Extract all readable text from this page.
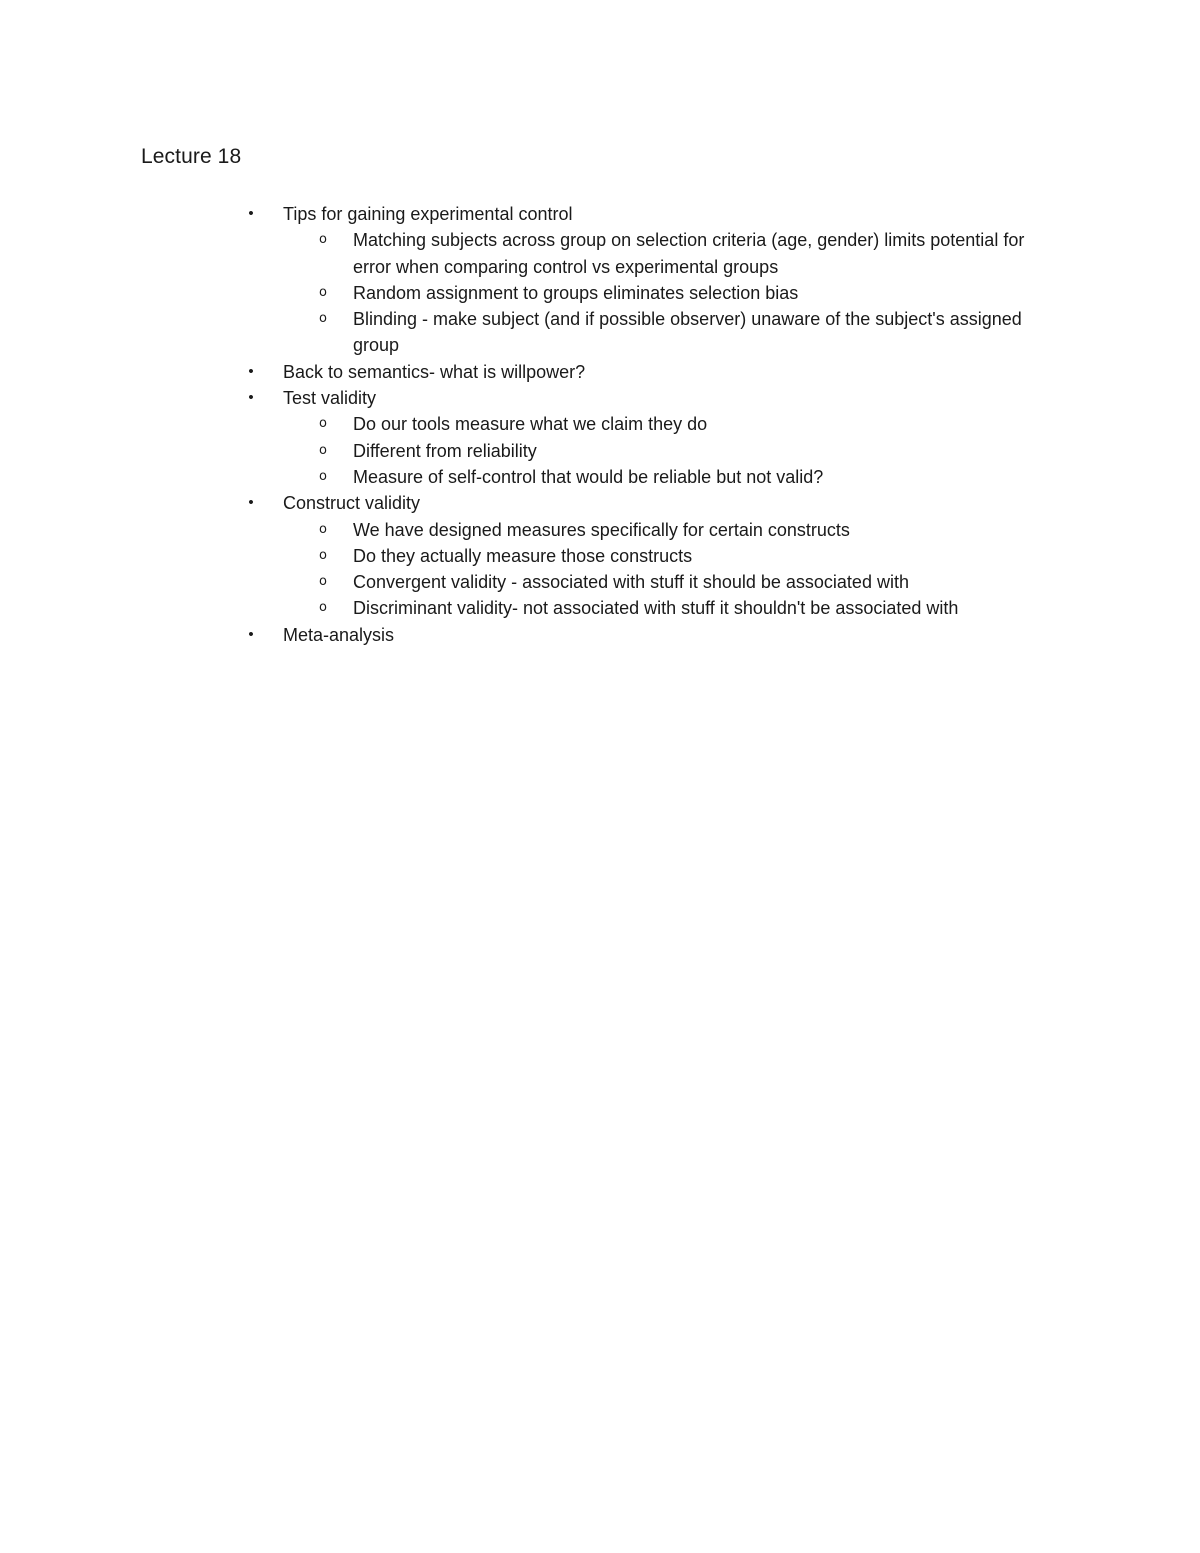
Lecture 18
• Tips for gaining experimental control
o Matching subjects across group on selection criteria (age, gender) limits potential for error when comparing control vs experimental groups
o Random assignment to groups eliminates selection bias
o Blinding - make subject (and if possible observer) unaware of the subject's assigned group
• Back to semantics- what is willpower?
• Test validity
o Do our tools measure what we claim they do
o Different from reliability
o Measure of self-control that would be reliable but not valid?
• Construct validity
o We have designed measures specifically for certain constructs
o Do they actually measure those constructs
o Convergent validity - associated with stuff it should be associated with
o Discriminant validity- not associated with stuff it shouldn't be associated with
• Meta-analysis
